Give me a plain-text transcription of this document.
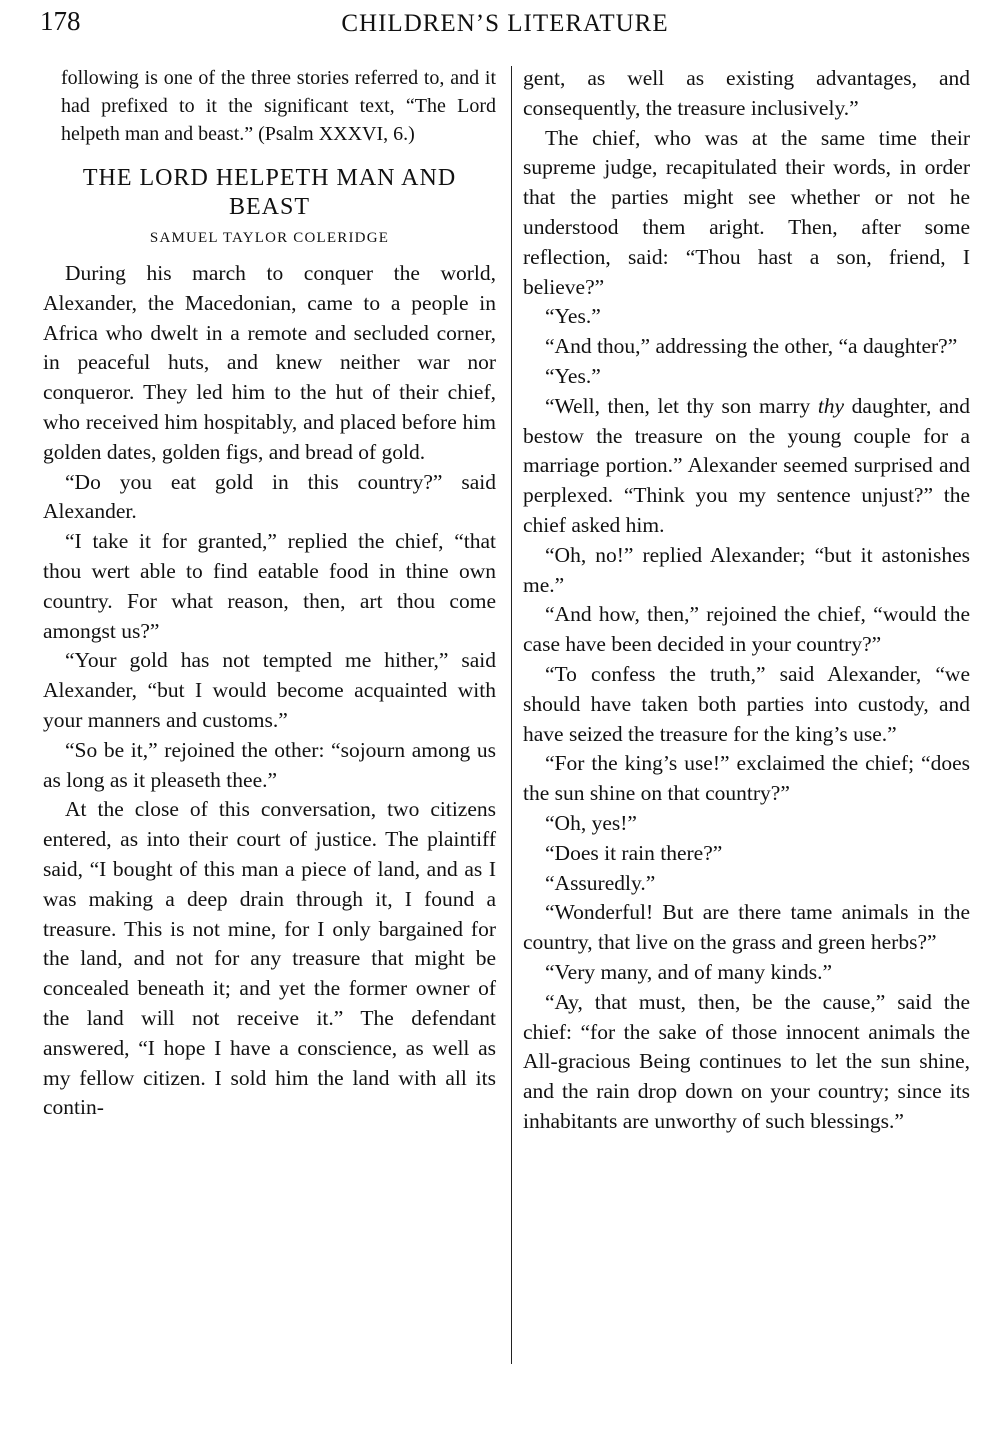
178	CHILDREN’S LITERATURE

following is one of the three stories referred to, and it had prefixed to it the significant text, “The Lord helpeth man and beast.” (Psalm XXXVI, 6.)

THE LORD HELPETH MAN AND BEAST
SAMUEL TAYLOR COLERIDGE

During his march to conquer the world, Alexander, the Macedonian, came to a people in Africa who dwelt in a remote and secluded corner, in peaceful huts, and knew neither war nor conqueror. They led him to the hut of their chief, who received him hospitably, and placed before him golden dates, golden figs, and bread of gold.

“Do you eat gold in this country?” said Alexander.

“I take it for granted,” replied the chief, “that thou wert able to find eatable food in thine own country. For what reason, then, art thou come amongst us?”

“Your gold has not tempted me hither,” said Alexander, “but I would become acquainted with your manners and customs.”

“So be it,” rejoined the other: “sojourn among us as long as it pleaseth thee.”

At the close of this conversation, two citizens entered, as into their court of justice. The plaintiff said, “I bought of this man a piece of land, and as I was making a deep drain through it, I found a treasure. This is not mine, for I only bargained for the land, and not for any treasure that might be concealed beneath it; and yet the former owner of the land will not receive it.” The defendant answered, “I hope I have a conscience, as well as my fellow citizen. I sold him the land with all its contin-

gent, as well as existing advantages, and consequently, the treasure inclusively.”

The chief, who was at the same time their supreme judge, recapitulated their words, in order that the parties might see whether or not he understood them aright. Then, after some reflection, said: “Thou hast a son, friend, I believe?”

“Yes.”

“And thou,” addressing the other, “a daughter?”

“Yes.”

“Well, then, let thy son marry thy daughter, and bestow the treasure on the young couple for a marriage portion.” Alexander seemed surprised and perplexed. “Think you my sentence unjust?” the chief asked him.

“Oh, no!” replied Alexander; “but it astonishes me.”

“And how, then,” rejoined the chief, “would the case have been decided in your country?”

“To confess the truth,” said Alexander, “we should have taken both parties into custody, and have seized the treasure for the king’s use.”

“For the king’s use!” exclaimed the chief; “does the sun shine on that country?”

“Oh, yes!”

“Does it rain there?”

“Assuredly.”

“Wonderful! But are there tame animals in the country, that live on the grass and green herbs?”

“Very many, and of many kinds.”

“Ay, that must, then, be the cause,” said the chief: “for the sake of those innocent animals the All-gracious Being continues to let the sun shine, and the rain drop down on your country; since its inhabitants are unworthy of such blessings.”
